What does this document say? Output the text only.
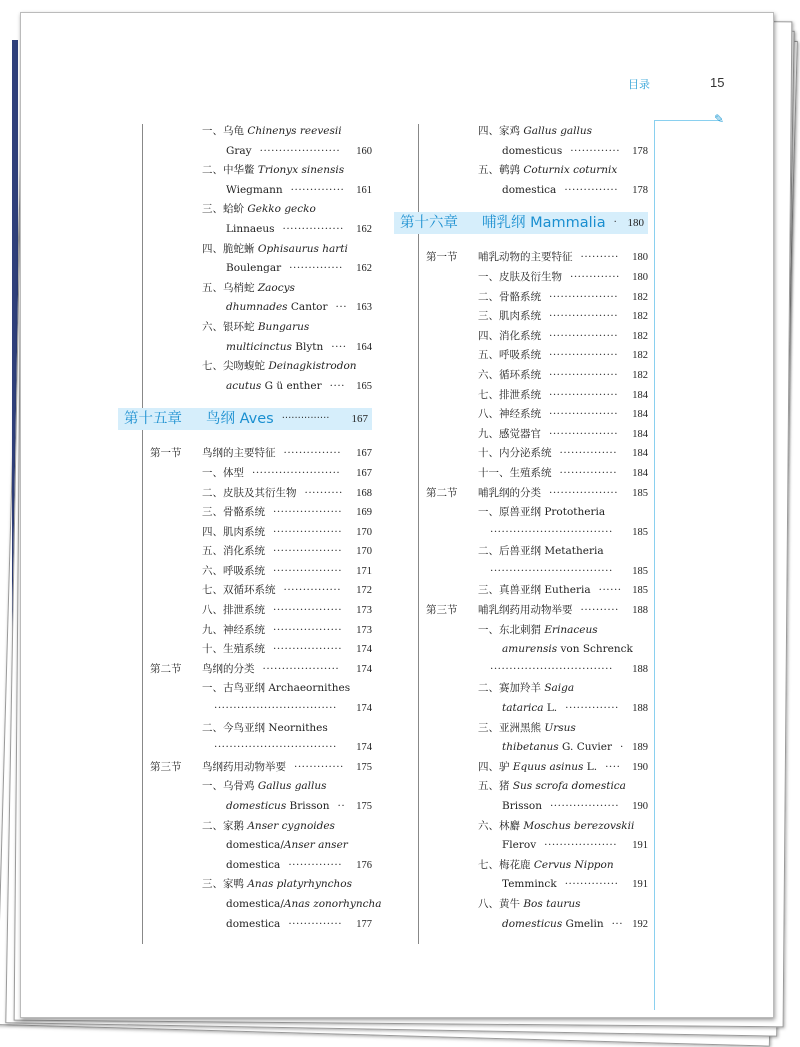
目录	15
✎
一、乌龟 Chinenys reevesii
Gray ·····················	160
二、中华鳖 Trionyx sinensis
Wiegmann ··············	161
三、蛤蚧 Gekko gecko
Linnaeus ················	162
四、脆蛇蜥 Ophisaurus harti
Boulengar ··············	162
五、乌梢蛇 Zaocys
dhumnades Cantor ··· 163
六、银环蛇 Bungarus
multicinctus Blytn ···· 164
七、尖吻蝮蛇 Deinagkistrodon
acutus G ü enther ····	165
第十五章 鸟纲 Aves ···············	167
第一节 鸟纲的主要特征 ···············	167
一、体型 ·······················	167
二、皮肤及其衍生物 ··········	168
三、骨骼系统 ··················	169
四、肌肉系统 ··················	170
五、消化系统 ··················	170
六、呼吸系统 ··················	171
七、双循环系统 ···············	172
八、排泄系统 ··················	173
九、神经系统 ··················	173
十、生殖系统 ··················	174
第二节 鸟纲的分类 ····················	174
一、古鸟亚纲 Archaeornithes
································	174
二、今鸟亚纲 Neornithes
································	174
第三节 鸟纲药用动物举要 ·············	175
一、乌骨鸡 Gallus gallus
domesticus Brisson ·· 175
二、家鹅 Anser cygnoides
domestica/Anser anser
domestica ··············	176
三、家鸭 Anas platyrhynchos
domestica/Anas zonorhyncha
domestica ··············	177
四、家鸡 Gallus gallus
domesticus ·············	178
五、鹌鹑 Coturnix coturnix
domestica ··············	178
第十六章 哺乳纲 Mammalia · 180
第一节 哺乳动物的主要特征 ··········	180
一、皮肤及衍生物 ·············	180
二、骨骼系统 ··················	182
三、肌肉系统 ··················	182
四、消化系统 ··················	182
五、呼吸系统 ··················	182
六、循环系统 ··················	182
七、排泄系统 ··················	184
八、神经系统 ··················	184
九、感觉器官 ··················	184
十、内分泌系统 ···············	184
十一、生殖系统 ···············	184
第二节 哺乳纲的分类 ··················	185
一、原兽亚纲 Prototheria
································	185
二、后兽亚纲 Metatheria
································	185
三、真兽亚纲 Eutheria ······ 185
第三节 哺乳纲药用动物举要 ··········	188
一、东北刺猬 Erinaceus
amurensis von Schrenck
································	188
二、赛加羚羊 Saiga
tatarica L. ··············	188
三、亚洲黑熊 Ursus
thibetanus G. Cuvier · 189
四、驴 Equus asinus L. ····	190
五、猪 Sus scrofa domestica
Brisson ··················	190
六、林麝 Moschus berezovskii
Flerov ···················	191
七、梅花鹿 Cervus Nippon
Temminck ··············	191
八、黄牛 Bos taurus
domesticus Gmelin ··· 192
